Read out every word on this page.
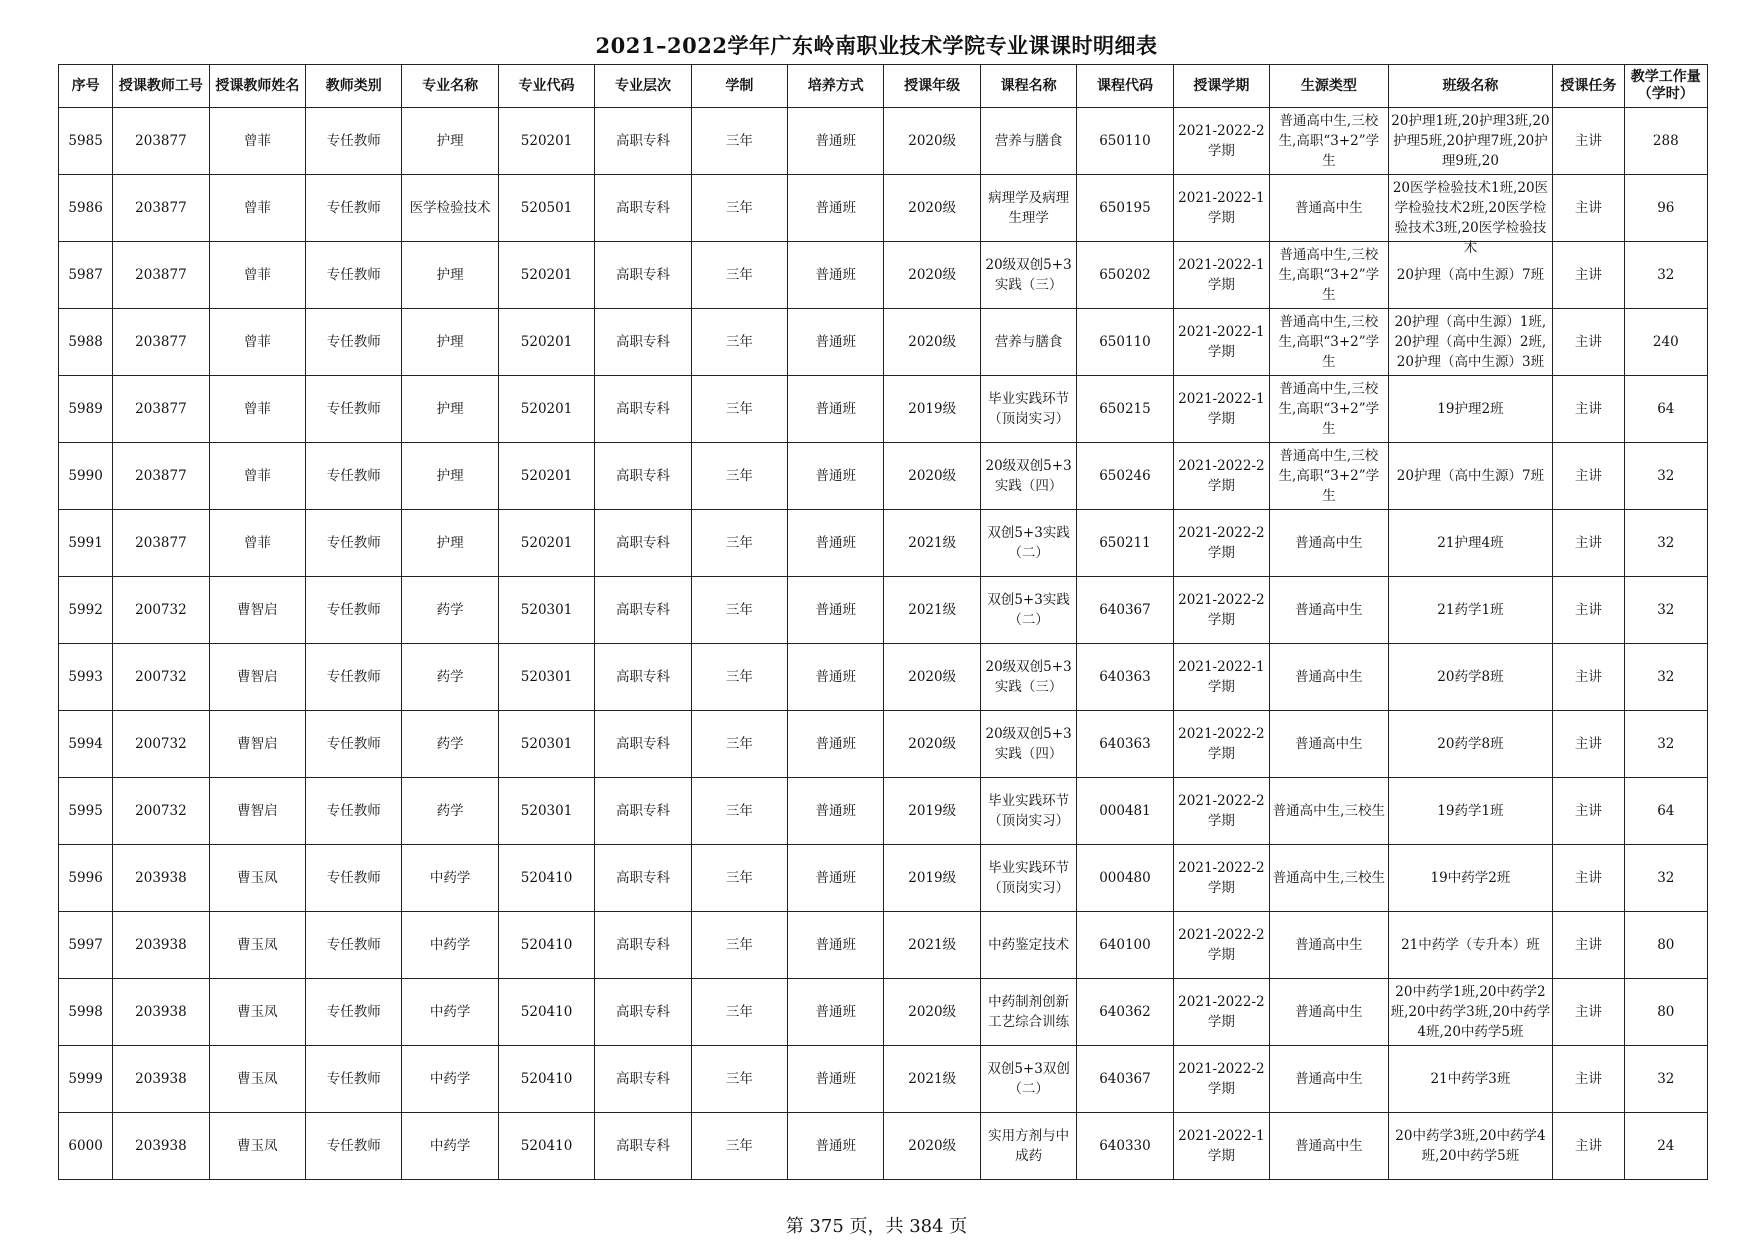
2021–2022学年广东岭南职业技术学院专业课课时明细表
序号	授课教师工号	授课教师姓名	教师类别	专业名称	专业代码	专业层次	学制	培养方式	授课年级	课程名称	课程代码	授课学期	生源类型	班级名称	授课任务	教学工作量（学时）

5985	203877	曾菲	专任教师	护理	520201	高职专科	三年	普通班	2020级	营养与膳食	650110	2021-2022-2学期	普通高中生,三校生,高职“3+2”学生	20护理1班,20护理3班,20护理5班,20护理7班,20护理9班,20	主讲	288

5986	203877	曾菲	专任教师	医学检验技术	520501	高职专科	三年	普通班	2020级	病理学及病理生理学	650195	2021-2022-1学期	普通高中生	20医学检验技术1班,20医学检验技术2班,20医学检验技术3班,20医学检验技术	主讲	96

5987	203877	曾菲	专任教师	护理	520201	高职专科	三年	普通班	2020级	20级双创5+3实践（三）	650202	2021-2022-1学期	普通高中生,三校生,高职“3+2”学生	20护理（高中生源）7班	主讲	32

5988	203877	曾菲	专任教师	护理	520201	高职专科	三年	普通班	2020级	营养与膳食	650110	2021-2022-1学期	普通高中生,三校生,高职“3+2”学生	20护理（高中生源）1班,20护理（高中生源）2班,20护理（高中生源）3班	主讲	240

5989	203877	曾菲	专任教师	护理	520201	高职专科	三年	普通班	2019级	毕业实践环节（顶岗实习）	650215	2021-2022-1学期	普通高中生,三校生,高职“3+2”学生	19护理2班	主讲	64

5990	203877	曾菲	专任教师	护理	520201	高职专科	三年	普通班	2020级	20级双创5+3实践（四）	650246	2021-2022-2学期	普通高中生,三校生,高职“3+2”学生	20护理（高中生源）7班	主讲	32

5991	203877	曾菲	专任教师	护理	520201	高职专科	三年	普通班	2021级	双创5+3实践（二）	650211	2021-2022-2学期	普通高中生	21护理4班	主讲	32

5992	200732	曹智启	专任教师	药学	520301	高职专科	三年	普通班	2021级	双创5+3实践（二）	640367	2021-2022-2学期	普通高中生	21药学1班	主讲	32

5993	200732	曹智启	专任教师	药学	520301	高职专科	三年	普通班	2020级	20级双创5+3实践（三）	640363	2021-2022-1学期	普通高中生	20药学8班	主讲	32

5994	200732	曹智启	专任教师	药学	520301	高职专科	三年	普通班	2020级	20级双创5+3实践（四）	640363	2021-2022-2学期	普通高中生	20药学8班	主讲	32

5995	200732	曹智启	专任教师	药学	520301	高职专科	三年	普通班	2019级	毕业实践环节（顶岗实习）	000481	2021-2022-2学期	普通高中生,三校生	19药学1班	主讲	64

5996	203938	曹玉凤	专任教师	中药学	520410	高职专科	三年	普通班	2019级	毕业实践环节（顶岗实习）	000480	2021-2022-2学期	普通高中生,三校生	19中药学2班	主讲	32

5997	203938	曹玉凤	专任教师	中药学	520410	高职专科	三年	普通班	2021级	中药鉴定技术	640100	2021-2022-2学期	普通高中生	21中药学（专升本）班	主讲	80

5998	203938	曹玉凤	专任教师	中药学	520410	高职专科	三年	普通班	2020级	中药制剂创新工艺综合训练	640362	2021-2022-2学期	普通高中生	20中药学1班,20中药学2班,20中药学3班,20中药学4班,20中药学5班	主讲	80

5999	203938	曹玉凤	专任教师	中药学	520410	高职专科	三年	普通班	2021级	双创5+3双创（二）	640367	2021-2022-2学期	普通高中生	21中药学3班	主讲	32

6000	203938	曹玉凤	专任教师	中药学	520410	高职专科	三年	普通班	2020级	实用方剂与中成药	640330	2021-2022-1学期	普通高中生	20中药学3班,20中药学4班,20中药学5班	主讲	24
第 375 页，共 384 页
